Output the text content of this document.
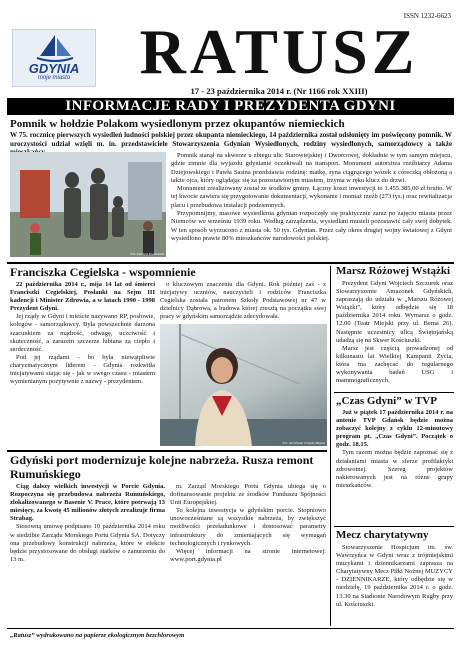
ISSN 1232-6623
GDYNIA
moje miasto	RATUSZ
17 - 23 października 2014 r. (Nr 1166 rok XXIII)
INFORMACJE RADY I PREZYDENTA GDYNI
Pomnik w hołdzie Polakom wysiedlonym przez okupantów niemieckich
W 75. rocznicę pierwszych wysiedleń ludności polskiej przez okupanta niemieckiego, 14 października został odsłonięty im poświęcony pomnik. W uroczystości udział wzięli m. in. przedstawiciele Stowarzyszenia Gdynian Wysiedlonych, rodziny wysiedlonych, samorządowcy a także
Fot. Dariusz Pawłowski

Pomnik stanął na skwerze u zbiegu ulic Starowiejskiej i Dworcowej, dokładnie w tym samym miejscu, gdzie zimnie dla wyjazdu gdynianie oczekiwali na transport. Monument autorstwa rzeźbiarzy Adama Dziejowskiego i Pawła Sasina przedstawia rodzinę: matkę, syna ciągnącego wózek z córeczką obłożoną a także ojca, który oglądając się za pozostawionym miastem, trzyma w ręku klucz do drzwi.

Monument zrealizowany został ze środków gminy. Łączny koszt inwestycji to 1.455.385,00 zł brutto. W tej kwocie zawiera się przygotowanie dokumentacji, wykonanie i montaż rzeźb (273 tys.) oraz rewitalizacja placu i przebudowa instalacji podziemnych.

Przypomnijmy, masowe wysiedlenia gdynian rozpoczęły się praktycznie zaraz po zajęciu miasta przez Niemców we wrześniu 1939 roku. Według zarządzenia, wysiedlani musieli pozostawić cały swój dobytek. W ten sposób wyrzucono z miasta ok. 50 tys. Gdynian. Przez cały okres drugiej wojny światowej z Gdyni wysiedlono prawie 80% mieszkańców narodowości polskiej.

Franciszka Cegielska - wspomnienie

22 października 2014 r., mija 14 lat od śmierci Franciszki Cegielskiej, Posłanki na Sejm III kadencji i Minister Zdrowia, a w latach 1990 - 1998 Prezydent Gdyni.

Jej rządy w Gdyni i mieście nazywano RP, posłowie, kolegów - samorządowcy. Była powszechnie darzona szacunkiem za mądrość, odwagę, uczciwość i skuteczność, a zarazem szczerze lubiana za ciepło i serdeczność.

Pod jej rządami - bo była niewątpliwie charyzmatycznym liderem - Gdynia rozkwitła inicjatywami stając się - jak w swego czasu - miastem wymienianym pozytywnie z nazwy - prezydentem.

o kluczowym znaczeniu dla Gdyni. Rok później zaś - z inicjatywy uczniów, nauczycieli i rodziców Franciszka Cegielska została patronem Szkoły Podstawowej nr 47 w dzielnicy Dąbrowa, a budowa której zresztą na początku swej pracy w gdyńskim samorządzie zdecydowała.

Fot. Archiwum Urzędu Miasta
Gdyński port modernizuje kolejne nabrzeża. Rusza remont Rumuńskiego

Ciąg dalszy wielkich inwestycji w Porcie Gdynia. Rozpoczyna się przebudowa nabrzeża Rumuńskiego, zlokalizowanego w Basenie V. Prace, które potrwają 13 miesięcy, za kwotę 45 milionów złotych zrealizuje firma Strabag.

Stosowną umowę podpisano 10 października 2014 roku w siedzibie Zarządu Morskiego Portu Gdynia SA. Dotyczy ona przebudowy konstrukcji nabrzeża, które w efekcie będzie przystosowane do obsługi statków o zanurzeniu do 13 m.

m. Zarząd Morskiego Portu Gdynia ubiega się o dofinansowanie projektu ze środków Funduszu Spójności Unii Europejskiej.

To kolejna inwestycja w gdyńskim porcie. Stopniowo unowocześniane są wszystkie nabrzeża, by zwiększyć możliwości przeładunkowe i dostosować parametry infrastruktury do zmieniających się wymagań technologicznych i rynkowych.

Więcej informacji na stronie internetowej: www.port.gdynia.pl

Marsz Różowej Wstążki

Prezydent Gdyni Wojciech Szczurek oraz Stowarzyszenie Amazonek Gdyńskich, zapraszają do udziału w „Marszu Różowej Wstążki”, który odbędzie się 18 października 2014 roku. Wymarsz o godz. 12.00 (Teatr Miejski przy ul. Bema 26). Następnie uczestnicy ulicą Świętojańską udadzą się na Skwer Kościuszki.

Marsz jest częścią prowadzonej od kilkunastu lat Wielkiej Kampanii Życia, która ma zachęcać do regularnego wykonywania badań USG i mammograficznych.

„Czas Gdyni” w TVP

Już w piątek 17 października 2014 r. na antenie TVP Gdańsk będzie można zobaczyć kolejny z cyklu 12-minutowy program pt. „Czas Gdyni”. Początek o godz. 18.15.

Tym razem można będzie zapoznać się z działaniami miasta w sferze profilaktyki zdrowotnej. Szereg projektów nakierowanych jest na różne grupy mieszkańców.

Mecz charytatywny

Stowarzyszenie Hospicjum im. św. Wawrzyńca w Gdyni wraz z trójmiejskimi muzykami i dziennikarzami zaprasza na Charytatywny Mecz Piłki Nożnej MUZYCY - DZIENNIKARZE, który odbędzie się w niedzielę, 19 października 2014 r. o godz. 13.30 na Stadionie Narodowym Rugby przy ul. Kościuszki.

„Ratusz” wydrukowano na papierze ekologicznym bezchlorowym
